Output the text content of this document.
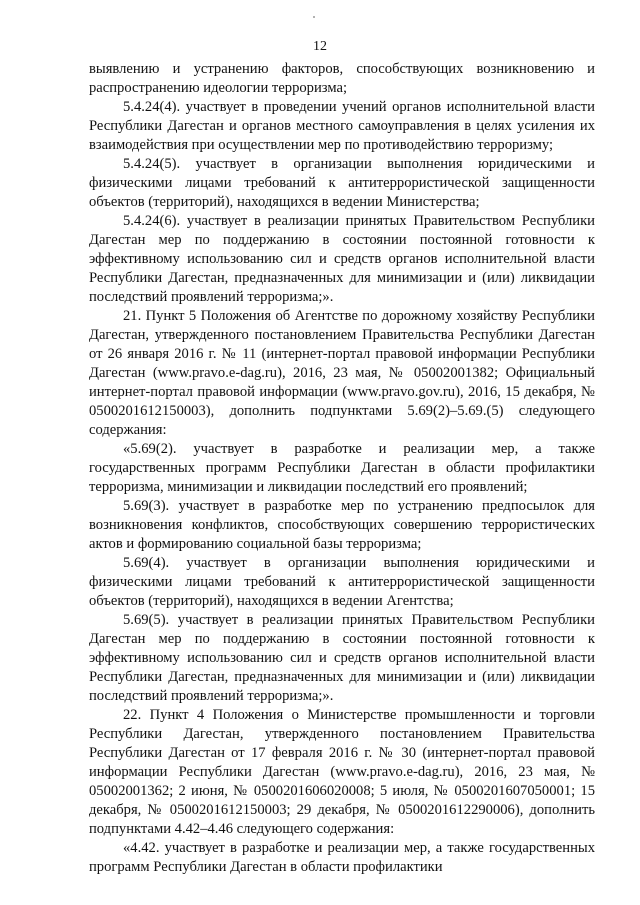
12

выявлению и устранению факторов, способствующих возникновению и распространению идеологии терроризма;

5.4.24(4). участвует в проведении учений органов исполнительной власти Республики Дагестан и органов местного самоуправления в целях усиления их взаимодействия при осуществлении мер по противодействию терроризму;

5.4.24(5). участвует в организации выполнения юридическими и физическими лицами требований к антитеррористической защищенности объектов (территорий), находящихся в ведении Министерства;

5.4.24(6). участвует в реализации принятых Правительством Республики Дагестан мер по поддержанию в состоянии постоянной готовности к эффективному использованию сил и средств органов исполнительной власти Республики Дагестан, предназначенных для минимизации и (или) ликвидации последствий проявлений терроризма;».

21. Пункт 5 Положения об Агентстве по дорожному хозяйству Республики Дагестан, утвержденного постановлением Правительства Республики Дагестан от 26 января 2016 г. № 11 (интернет-портал правовой информации Республики Дагестан (www.pravo.e-dag.ru), 2016, 23 мая, № 05002001382; Официальный интернет-портал правовой информации (www.pravo.gov.ru), 2016, 15 декабря, № 0500201612150003), дополнить подпунктами 5.69(2)–5.69.(5) следующего содержания:

«5.69(2). участвует в разработке и реализации мер, а также государственных программ Республики Дагестан в области профилактики терроризма, минимизации и ликвидации последствий его проявлений;

5.69(3). участвует в разработке мер по устранению предпосылок для возникновения конфликтов, способствующих совершению террористических актов и формированию социальной базы терроризма;

5.69(4). участвует в организации выполнения юридическими и физическими лицами требований к антитеррористической защищенности объектов (территорий), находящихся в ведении Агентства;

5.69(5). участвует в реализации принятых Правительством Республики Дагестан мер по поддержанию в состоянии постоянной готовности к эффективному использованию сил и средств органов исполнительной власти Республики Дагестан, предназначенных для минимизации и (или) ликвидации последствий проявлений терроризма;».

22. Пункт 4 Положения о Министерстве промышленности и торговли Республики Дагестан, утвержденного постановлением Правительства Республики Дагестан от 17 февраля 2016 г. № 30 (интернет-портал правовой информации Республики Дагестан (www.pravo.e-dag.ru), 2016, 23 мая, № 05002001362; 2 июня, № 0500201606020008; 5 июля, № 0500201607050001; 15 декабря, № 0500201612150003; 29 декабря, № 0500201612290006), дополнить подпунктами 4.42–4.46 следующего содержания:

«4.42. участвует в разработке и реализации мер, а также государственных программ Республики Дагестан в области профилактики
